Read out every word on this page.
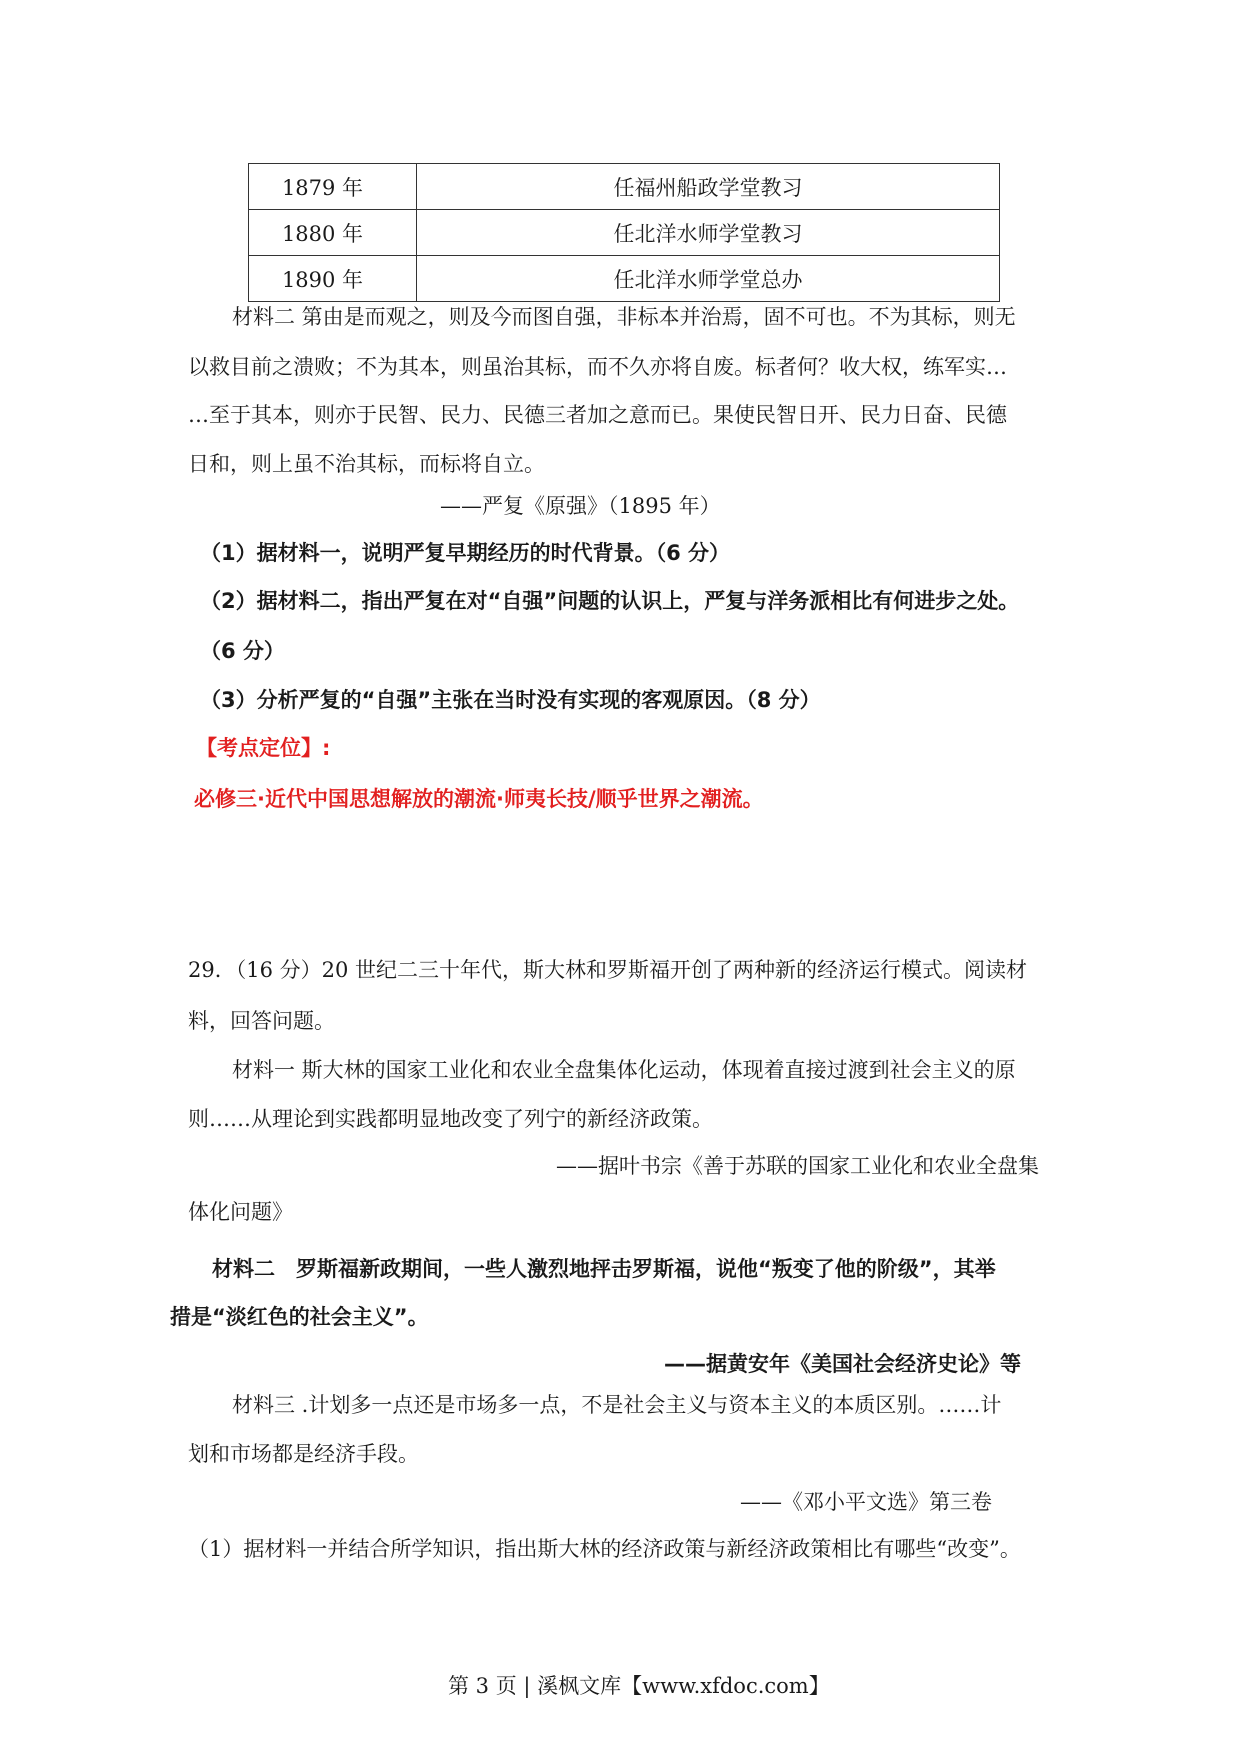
1879 年	任福州船政学堂教习
1880 年	任北洋水师学堂教习
1890 年	任北洋水师学堂总办
材料二 第由是而观之，则及今而图自强，非标本并治焉，固不可也。不为其标，则无
以救目前之溃败；不为其本，则虽治其标，而不久亦将自废。标者何？收大权，练军实…
…至于其本，则亦于民智、民力、民德三者加之意而已。果使民智日开、民力日奋、民德
日和，则上虽不治其标，而标将自立。
——严复《原强》（1895 年）
（1）据材料一，说明严复早期经历的时代背景。（6 分）
（2）据材料二，指出严复在对“自强”问题的认识上，严复与洋务派相比有何进步之处。
（6 分）
（3）分析严复的“自强”主张在当时没有实现的客观原因。（8 分）
【考点定位】:
必修三·近代中国思想解放的潮流·师夷长技/顺乎世界之潮流。
29．（16 分）20 世纪二三十年代，斯大林和罗斯福开创了两种新的经济运行模式。阅读材
料，回答问题。
材料一 斯大林的国家工业化和农业全盘集体化运动，体现着直接过渡到社会主义的原
则……从理论到实践都明显地改变了列宁的新经济政策。
——据叶书宗《善于苏联的国家工业化和农业全盘集
体化问题》
材料二　罗斯福新政期间，一些人激烈地抨击罗斯福，说他“叛变了他的阶级”，其举
措是“淡红色的社会主义”。
——据黄安年《美国社会经济史论》等
材料三 .计划多一点还是市场多一点，不是社会主义与资本主义的本质区别。……计
划和市场都是经济手段。
——《邓小平文选》第三卷
（1）据材料一并结合所学知识，指出斯大林的经济政策与新经济政策相比有哪些“改变”。
第 3 页 | 溪枫文库【www.xfdoc.com】
